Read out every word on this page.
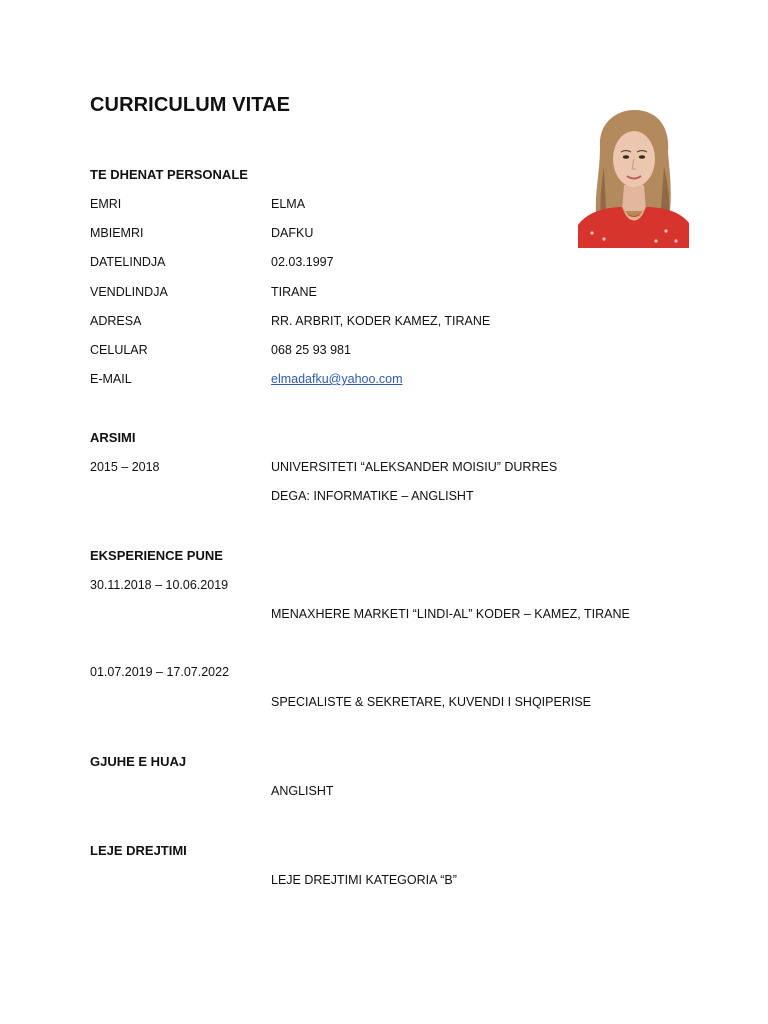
CURRICULUM VITAE
TE DHENAT PERSONALE
EMRI	ELMA
MBIEMRI	DAFKU
DATELINDJA	02.03.1997
VENDLINDJA	TIRANE
ADRESA	RR. ARBRIT, KODER KAMEZ, TIRANE
CELULAR	068 25 93 981
E-MAIL	elmadafku@yahoo.com
ARSIMI
2015 – 2018	UNIVERSITETI “ALEKSANDER MOISIU” DURRES
DEGA: INFORMATIKE – ANGLISHT
EKSPERIENCE PUNE
30.11.2018 – 10.06.2019
MENAXHERE MARKETI “LINDI-AL” KODER – KAMEZ, TIRANE
01.07.2019 – 17.07.2022
SPECIALISTE & SEKRETARE, KUVENDI I SHQIPERISE
GJUHE E HUAJ
ANGLISHT
LEJE DREJTIMI
LEJE DREJTIMI KATEGORIA “B”
